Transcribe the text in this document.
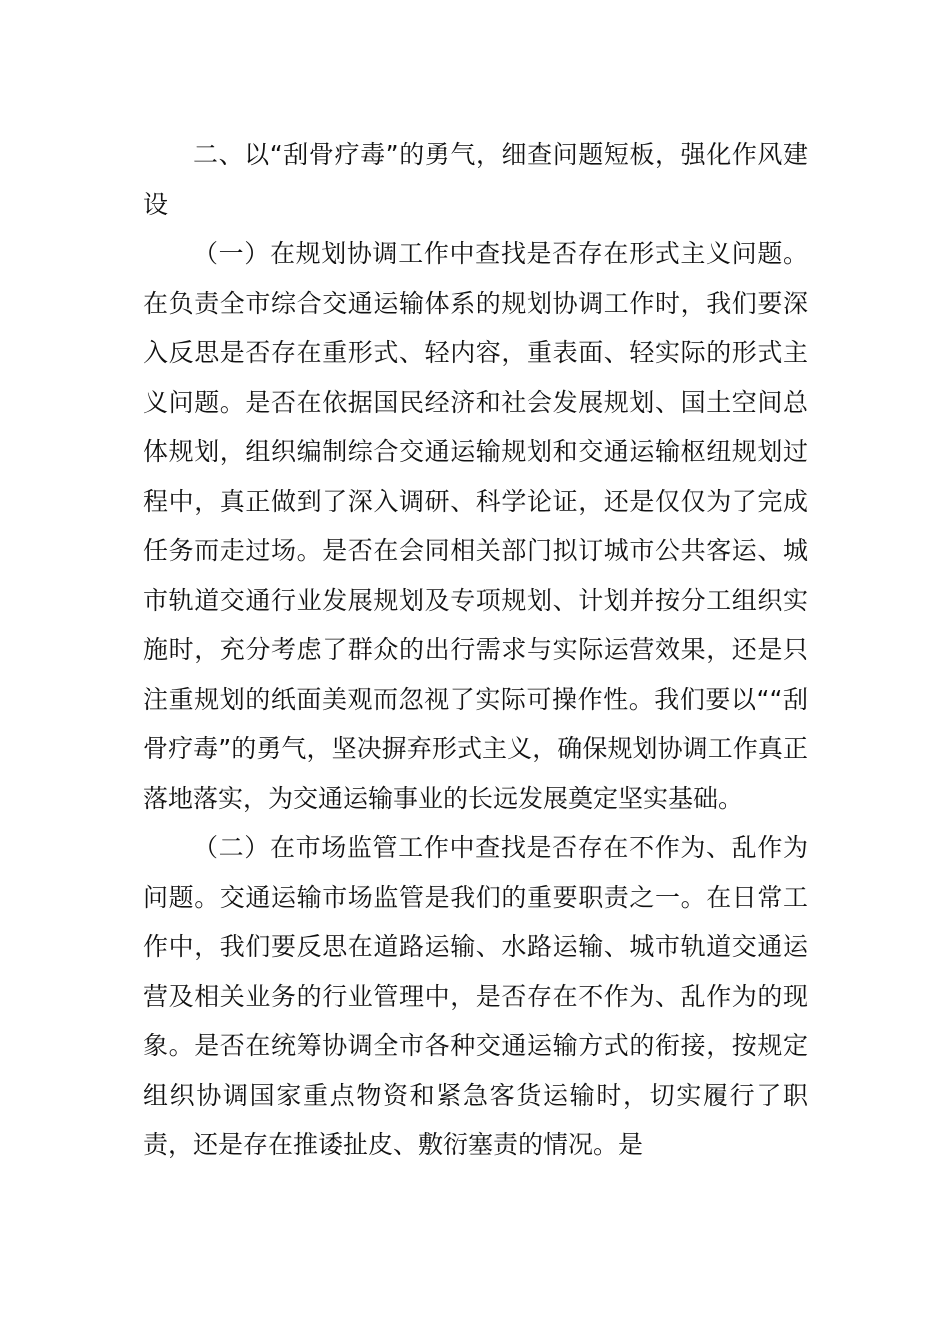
二、以“刮骨疗毒”的勇气，细查问题短板，强化作风建设

（一）在规划协调工作中查找是否存在形式主义问题。在负责全市综合交通运输体系的规划协调工作时，我们要深入反思是否存在重形式、轻内容，重表面、轻实际的形式主义问题。是否在依据国民经济和社会发展规划、国土空间总体规划，组织编制综合交通运输规划和交通运输枢纽规划过程中，真正做到了深入调研、科学论证，还是仅仅为了完成任务而走过场。是否在会同相关部门拟订城市公共客运、城市轨道交通行业发展规划及专项规划、计划并按分工组织实施时，充分考虑了群众的出行需求与实际运营效果，还是只注重规划的纸面美观而忽视了实际可操作性。我们要以““刮骨疗毒”的勇气，坚决摒弃形式主义，确保规划协调工作真正落地落实，为交通运输事业的长远发展奠定坚实基础。

（二）在市场监管工作中查找是否存在不作为、乱作为问题。交通运输市场监管是我们的重要职责之一。在日常工作中，我们要反思在道路运输、水路运输、城市轨道交通运营及相关业务的行业管理中，是否存在不作为、乱作为的现象。是否在统筹协调全市各种交通运输方式的衔接，按规定组织协调国家重点物资和紧急客货运输时，切实履行了职责，还是存在推诿扯皮、敷衍塞责的情况。是
